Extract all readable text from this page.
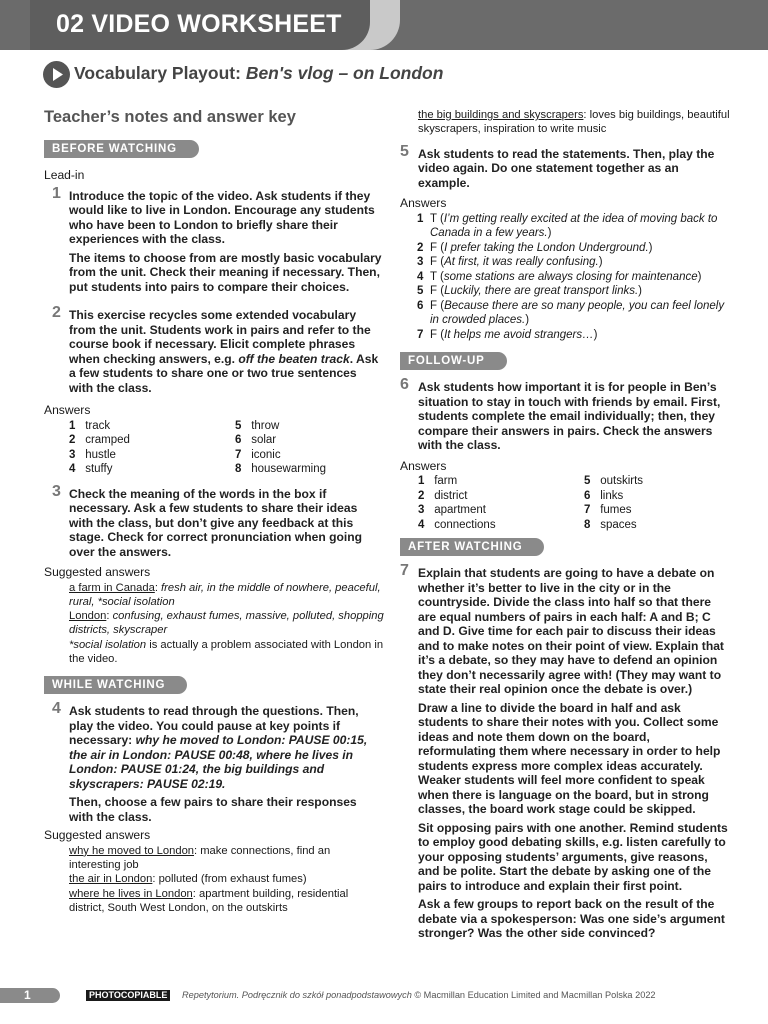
02 VIDEO WORKSHEET
Vocabulary Playout: Ben's vlog – on London
Teacher’s notes and answer key
BEFORE WATCHING
Lead-in
1 Introduce the topic of the video. Ask students if they would like to live in London. Encourage any students who have been to London to briefly share their experiences with the class.

The items to choose from are mostly basic vocabulary from the unit. Check their meaning if necessary. Then, put students into pairs to compare their choices.

2 This exercise recycles some extended vocabulary from the unit. Students work in pairs and refer to the course book if necessary. Elicit complete phrases when checking answers, e.g. off the beaten track. Ask a few students to share one or two true sentences with the class.

Answers
1 track	5 throw
2 cramped	6 solar
3 hustle	7 iconic
4 stuffy	8 housewarming
3 Check the meaning of the words in the box if necessary. Ask a few students to share their ideas with the class, but don’t give any feedback at this stage. Check for correct pronunciation when going over the answers.

Suggested answers
a farm in Canada: fresh air, in the middle of nowhere, peaceful, rural, *social isolation
London: confusing, exhaust fumes, massive, polluted, shopping districts, skyscraper
*social isolation is actually a problem associated with London in the video.
WHILE WATCHING
4 Ask students to read through the questions. Then, play the video. You could pause at key points if necessary: why he moved to London: PAUSE 00:15, the air in London: PAUSE 00:48, where he lives in London: PAUSE 01:24, the big buildings and skyscrapers: PAUSE 02:19.

Then, choose a few pairs to share their responses with the class.

Suggested answers
why he moved to London: make connections, find an interesting job
the air in London: polluted (from exhaust fumes)
where he lives in London: apartment building, residential district, South West London, on the outskirts
the big buildings and skyscrapers: loves big buildings, beautiful skyscrapers, inspiration to write music
5 Ask students to read the statements. Then, play the video again. Do one statement together as an example.

Answers
1 T (I’m getting really excited at the idea of moving back to Canada in a few years.)
2 F (I prefer taking the London Underground.)
3 F (At first, it was really confusing.)
4 T (some stations are always closing for maintenance)
5 F (Luckily, there are great transport links.)
6 F (Because there are so many people, you can feel lonely in crowded places.)
7 F (It helps me avoid strangers…)
FOLLOW-UP
6 Ask students how important it is for people in Ben’s situation to stay in touch with friends by email. First, students complete the email individually; then, they compare their answers in pairs. Check the answers with the class.

Answers
1 farm	5 outskirts
2 district	6 links
3 apartment	7 fumes
4 connections	8 spaces
AFTER WATCHING
7 Explain that students are going to have a debate on whether it’s better to live in the city or in the countryside. Divide the class into half so that there are equal numbers of pairs in each half: A and B; C and D. Give time for each pair to discuss their ideas and to make notes on their point of view. Explain that it’s a debate, so they may have to defend an opinion they don’t necessarily agree with! (They may want to state their real opinion once the debate is over.)

Draw a line to divide the board in half and ask students to share their notes with you. Collect some ideas and note them down on the board, reformulating them where necessary in order to help students express more complex ideas accurately. Weaker students will feel more confident to speak when there is language on the board, but in strong classes, the board work stage could be skipped.

Sit opposing pairs with one another. Remind students to employ good debating skills, e.g. listen carefully to your opposing students’ arguments, give reasons, and be polite. Start the debate by asking one of the pairs to introduce and explain their first point.

Ask a few groups to report back on the result of the debate via a spokesperson: Was one side’s argument stronger? Was the other side convinced?

1	PHOTOCOPIABLE	Repetytorium. Podręcznik do szkół ponadpodstawowych © Macmillan Education Limited and Macmillan Polska 2022
